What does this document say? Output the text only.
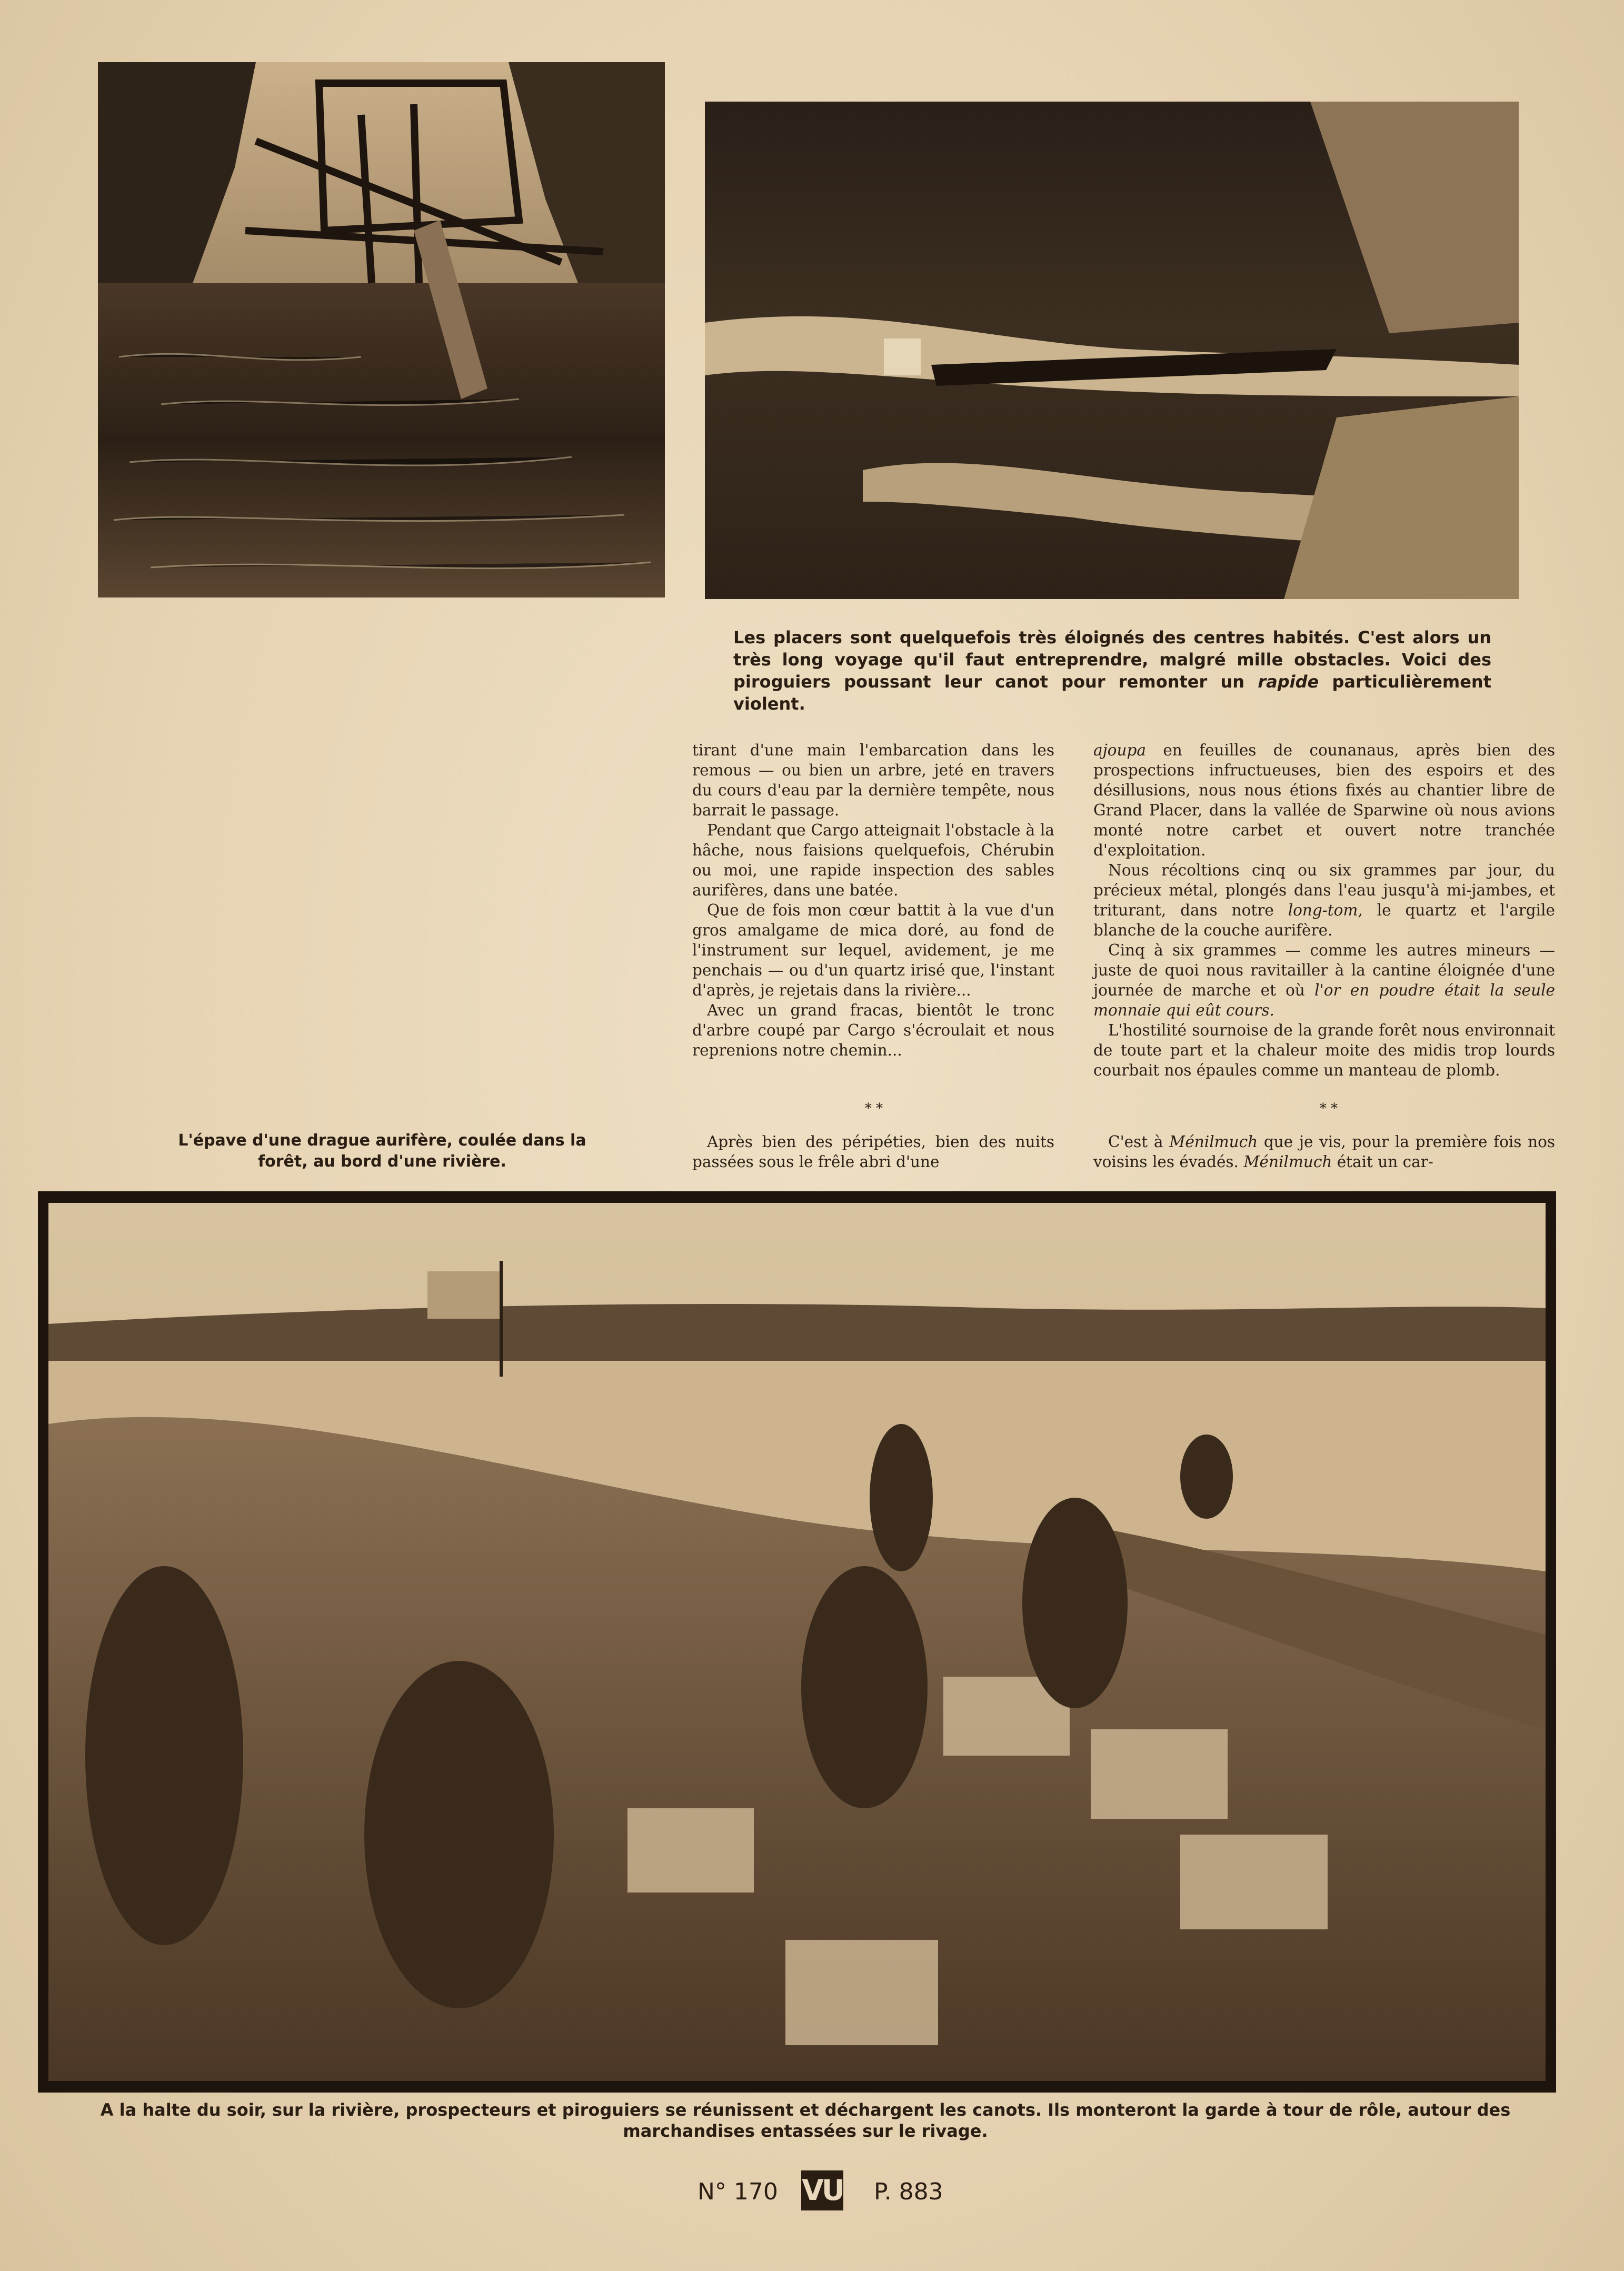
L'épave d'une drague aurifère, coulée dans la forêt, au bord d'une rivière.
Les placers sont quelquefois très éloignés des centres habités. C'est alors un très long voyage qu'il faut entreprendre, malgré mille obstacles. Voici des piroguiers poussant leur canot pour remonter un rapide particulièrement violent.

tirant d'une main l'embarcation dans les remous — ou bien un arbre, jeté en travers du cours d'eau par la dernière tempête, nous barrait le passage.

Pendant que Cargo atteignait l'obstacle à la hâche, nous faisions quelquefois, Chérubin ou moi, une rapide inspection des sables aurifères, dans une batée.

Que de fois mon cœur battit à la vue d'un gros amalgame de mica doré, au fond de l'instrument sur lequel, avidement, je me penchais — ou d'un quartz irisé que, l'instant d'après, je rejetais dans la rivière...

Avec un grand fracas, bientôt le tronc d'arbre coupé par Cargo s'écroulait et nous reprenions notre chemin...

* *

Après bien des péripéties, bien des nuits passées sous le frêle abri d'une

ajoupa en feuilles de counanaus, après bien des prospections infructueuses, bien des espoirs et des désillusions, nous nous étions fixés au chantier libre de Grand Placer, dans la vallée de Sparwine où nous avions monté notre carbet et ouvert notre tranchée d'exploitation.

Nous récoltions cinq ou six grammes par jour, du précieux métal, plongés dans l'eau jusqu'à mi-jambes, et triturant, dans notre long-tom, le quartz et l'argile blanche de la couche aurifère.

Cinq à six grammes — comme les autres mineurs — juste de quoi nous ravitailler à la cantine éloignée d'une journée de marche et où l'or en poudre était la seule monnaie qui eût cours.

L'hostilité sournoise de la grande forêt nous environnait de toute part et la chaleur moite des midis trop lourds courbait nos épaules comme un manteau de plomb.

* *

C'est à Ménilmuch que je vis, pour la première fois nos voisins les évadés. Ménilmuch était un car-

A la halte du soir, sur la rivière, prospecteurs et piroguiers se réunissent et déchargent les canots. Ils monteront la garde à tour de rôle, autour des marchandises entassées sur le rivage.
N° 170 VU P. 883
